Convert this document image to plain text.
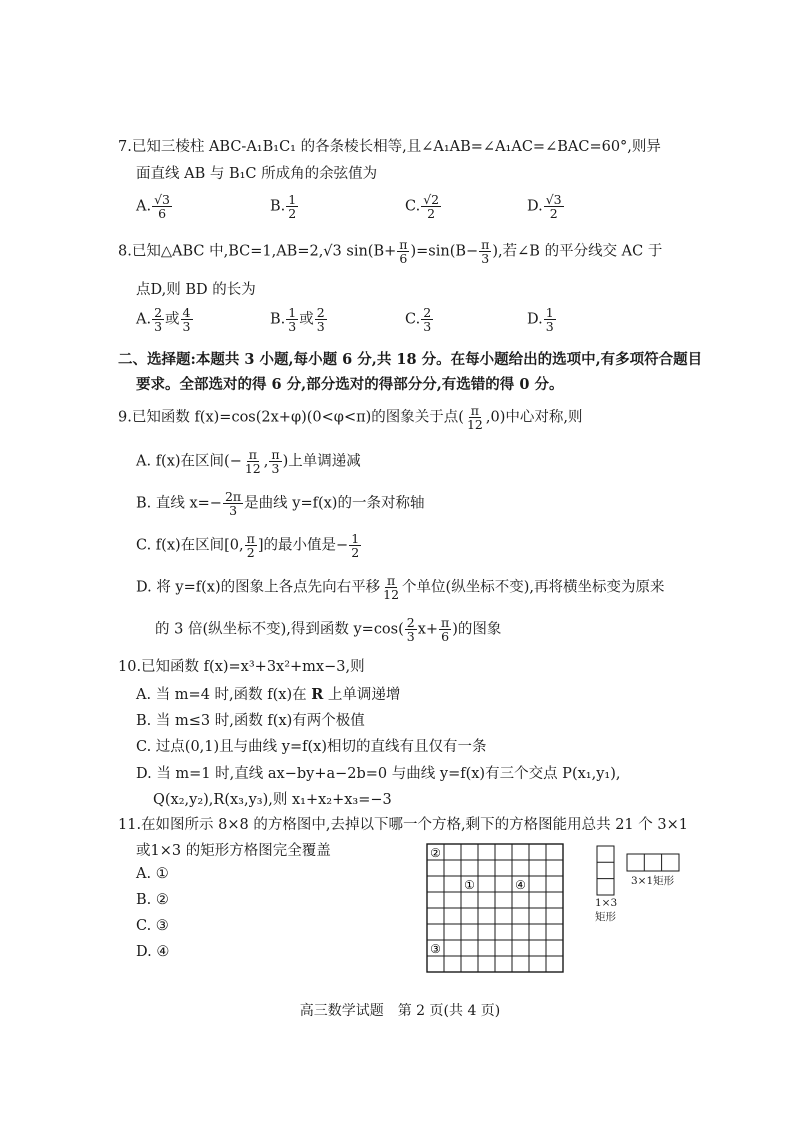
7.已知三棱柱 ABC-A₁B₁C₁ 的各条棱长相等,且∠A₁AB=∠A₁AC=∠BAC=60°,则异
面直线 AB 与 B₁C 所成角的余弦值为
A. $\frac{√3}{6}$	B. $\frac{1}{2}$	C. $\frac{√2}{2}$	D. $\frac{√3}{2}$
8.已知△ABC 中,BC=1,AB=2,√3 $\sin(B+ \frac{\pi}{6} )=\sin(B- \frac{\pi}{3}$ ),若∠B 的平分线交 AC 于
点D,则 BD 的长为
A. $\frac{2}{3}$ 或 $\frac{4}{3}$	B. $\frac{1}{3}$ 或 $\frac{2}{3}$	C. $\frac{2}{3}$	D. $\frac{1}{3}$
二、选择题:本题共 3 小题,每小题 6 分,共 18 分。在每小题给出的选项中,有多项符合题目
要求。全部选对的得 6 分,部分选对的得部分分,有选错的得 0 分。
9.已知函数 f(x)=cos(2x+φ)(0<φ<π)的图象关于点( $\frac{\pi}{12} ,0$)中心对称,则
A. f(x)在区间(− $\frac{\pi}{12}$ , $\frac{\pi}{3}$ )上单调递减
B. 直线 $x=- \frac{2\pi}{3}$ 是曲线 y=f(x)的一条对称轴
C. f(x)在区间[0, $\frac{\pi}{2}$ ]的最小值是− $\frac{1}{2}$
D. 将 y=f(x)的图象上各点先向右平移 $\frac{\pi}{12}$ 个单位(纵坐标不变),再将横坐标变为原来
的 3 倍(纵坐标不变),得到函数 $y=\cos( \frac{2}{3} x+ \frac{\pi}{6}$ )的图象
10.已知函数 f(x)=x³+3x²+mx−3,则
A. 当 m=4 时,函数 f(x)在 R 上单调递增
B. 当 m≤3 时,函数 f(x)有两个极值
C. 过点(0,1)且与曲线 y=f(x)相切的直线有且仅有一条
D. 当 m=1 时,直线 ax−by+a−2b=0 与曲线 y=f(x)有三个交点 P(x₁,y₁),
Q(x₂,y₂),R(x₃,y₃),则 x₁+x₂+x₃=−3
11.在如图所示 8×8 的方格图中,去掉以下哪一个方格,剩下的方格图能用总共 21 个 3×1
或1×3 的矩形方格图完全覆盖
A. ①
B. ②
C. ③
D. ④
②
①	④
③
1×3
矩形
3×1矩形
高三数学试题　第 2 页(共 4 页)
